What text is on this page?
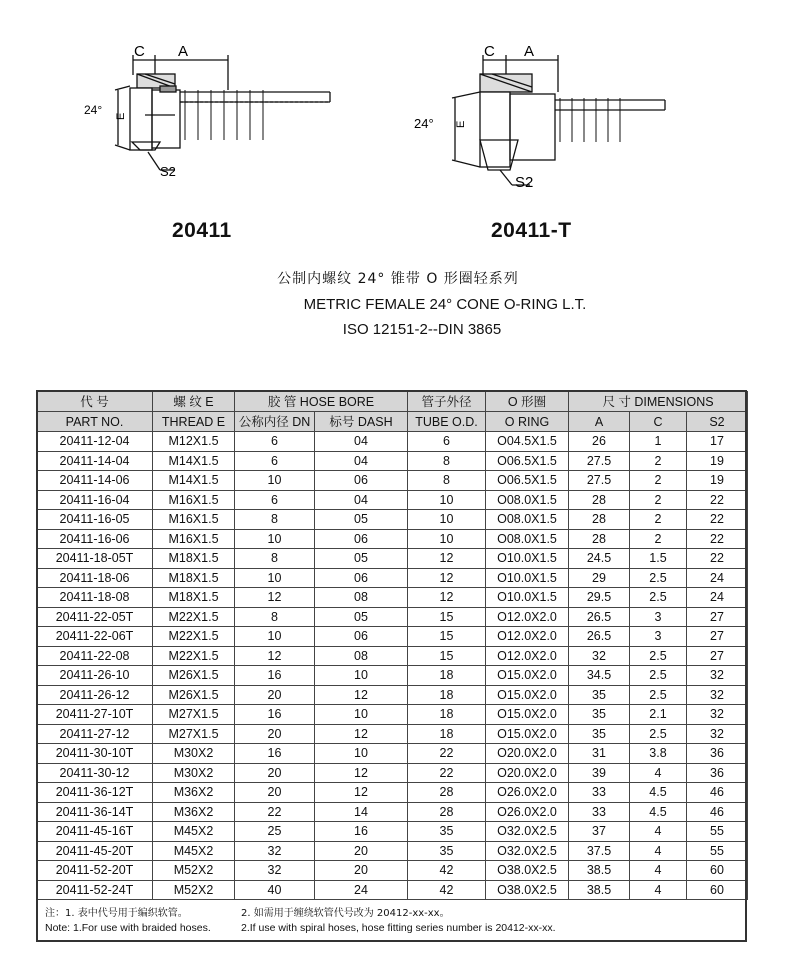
C A
24° E
S2
C A
24° E
S2
20411	20411-T
公制内螺纹 24° 锥带 O 形圈轻系列
METRIC FEMALE 24° CONE O-RING L.T.
ISO 12151-2--DIN 3865
代 号	螺 纹 E	胶 管 HOSE BORE		管子外径	O 形圈	尺 寸 DIMENSIONS		
PART NO.	THREAD E	公称内径 DN	标号 DASH	TUBE O.D.	O RING	A	C	S2
20411-12-04	M12X1.5	6	04	6	O04.5X1.5	26	1	17
20411-14-04	M14X1.5	6	04	8	O06.5X1.5	27.5	2	19
20411-14-06	M14X1.5	10	06	8	O06.5X1.5	27.5	2	19
20411-16-04	M16X1.5	6	04	10	O08.0X1.5	28	2	22
20411-16-05	M16X1.5	8	05	10	O08.0X1.5	28	2	22
20411-16-06	M16X1.5	10	06	10	O08.0X1.5	28	2	22
20411-18-05T	M18X1.5	8	05	12	O10.0X1.5	24.5	1.5	22
20411-18-06	M18X1.5	10	06	12	O10.0X1.5	29	2.5	24
20411-18-08	M18X1.5	12	08	12	O10.0X1.5	29.5	2.5	24
20411-22-05T	M22X1.5	8	05	15	O12.0X2.0	26.5	3	27
20411-22-06T	M22X1.5	10	06	15	O12.0X2.0	26.5	3	27
20411-22-08	M22X1.5	12	08	15	O12.0X2.0	32	2.5	27
20411-26-10	M26X1.5	16	10	18	O15.0X2.0	34.5	2.5	32
20411-26-12	M26X1.5	20	12	18	O15.0X2.0	35	2.5	32
20411-27-10T	M27X1.5	16	10	18	O15.0X2.0	35	2.1	32
20411-27-12	M27X1.5	20	12	18	O15.0X2.0	35	2.5	32
20411-30-10T	M30X2	16	10	22	O20.0X2.0	31	3.8	36
20411-30-12	M30X2	20	12	22	O20.0X2.0	39	4	36
20411-36-12T	M36X2	20	12	28	O26.0X2.0	33	4.5	46
20411-36-14T	M36X2	22	14	28	O26.0X2.0	33	4.5	46
20411-45-16T	M45X2	25	16	35	O32.0X2.5	37	4	55
20411-45-20T	M45X2	32	20	35	O32.0X2.5	37.5	4	55
20411-52-20T	M52X2	32	20	42	O38.0X2.5	38.5	4	60
20411-52-24T	M52X2	40	24	42	O38.0X2.5	38.5	4	60
注：1. 表中代号用于编织软管。
Note: 1.For use with braided hoses.
2. 如需用于缠绕软管代号改为 20412-xx-xx。
2.If use with spiral hoses, hose fitting series number is 20412-xx-xx.
